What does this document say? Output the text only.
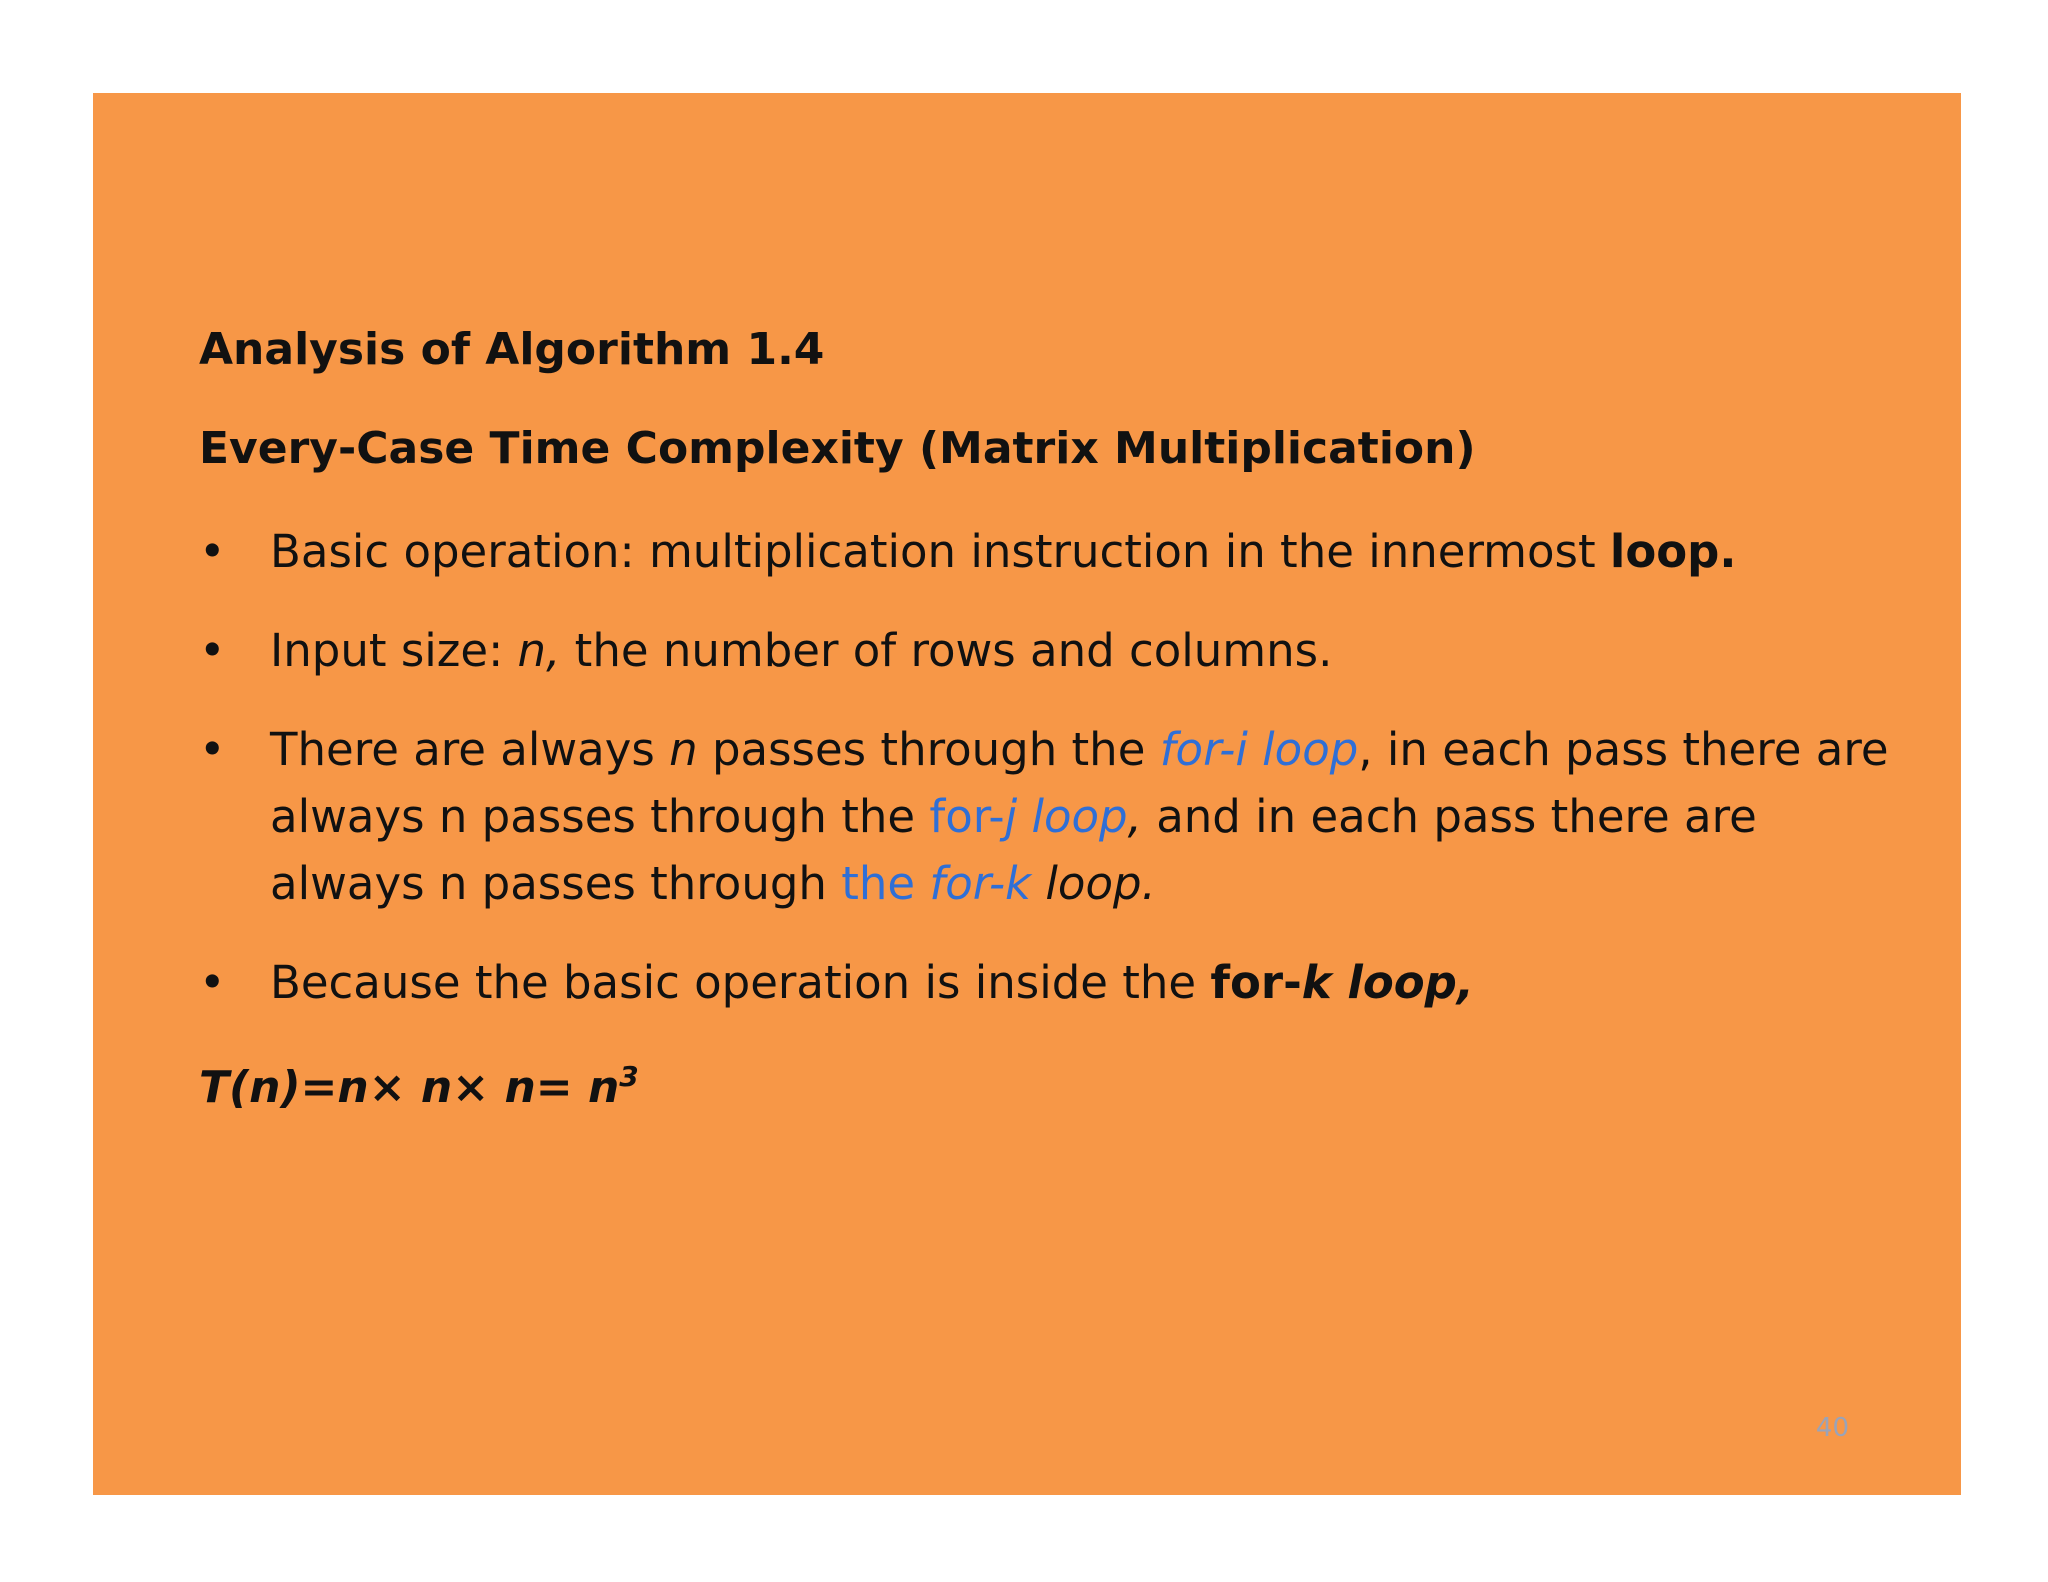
Analysis of Algorithm 1.4
Every-Case Time Complexity (Matrix Multiplication)
• Basic operation: multiplication instruction in the innermost loop.
• Input size: n, the number of rows and columns.
• There are always n passes through the for-i loop, in each pass there are always n passes through the for-j loop, and in each pass there are always n passes through the for-k loop.
• Because the basic operation is inside the for-k loop,
$T(n)=n\times n\times n= n^3$
40
